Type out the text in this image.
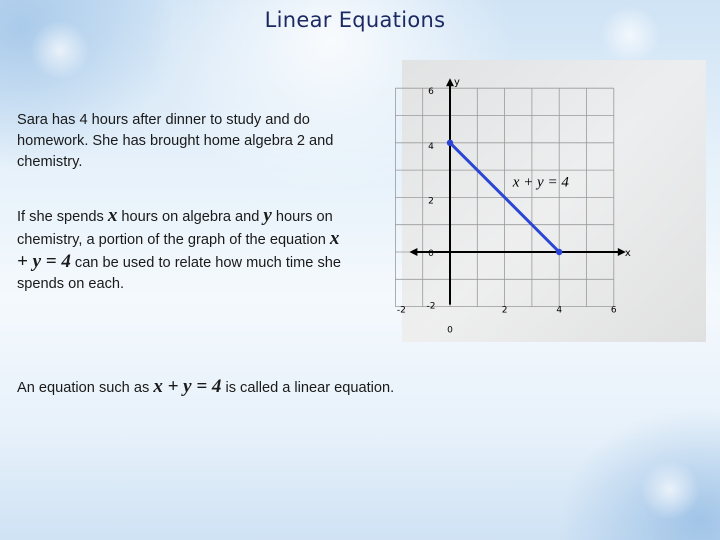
Linear Equations

Sara has 4 hours after dinner to study and do homework. She has brought home algebra 2 and chemistry.

If she spends x hours on algebra and y hours on chemistry, a portion of the graph of the equation x + y = 4 can be used to relate how much time she spends on each.

An equation such as x + y = 4 is called a linear equation.

y
x
6
4
2
0
-2
-2	2	4	6
0
x + y = 4
